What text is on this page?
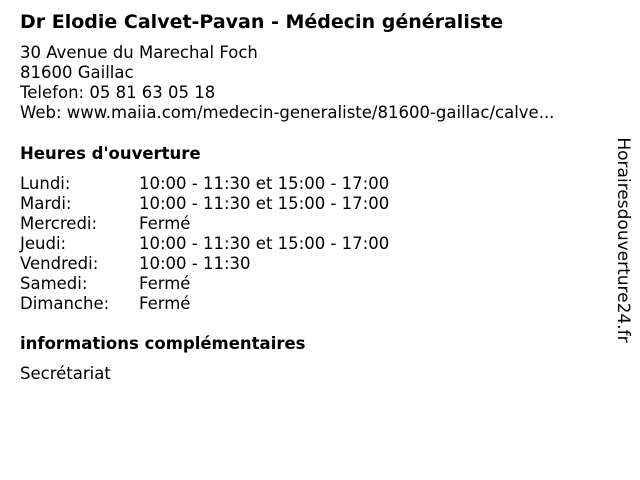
Dr Elodie Calvet-Pavan - Médecin généraliste
30 Avenue du Marechal Foch
81600 Gaillac
Telefon: 05 81 63 05 18
Web: www.maiia.com/medecin-generaliste/81600-gaillac/calve...
Heures d'ouverture
Lundi:	10:00 - 11:30 et 15:00 - 17:00
Mardi:	10:00 - 11:30 et 15:00 - 17:00
Mercredi:	Fermé
Jeudi:	10:00 - 11:30 et 15:00 - 17:00
Vendredi: 10:00 - 11:30
Samedi:	Fermé
Dimanche: Fermé
informations complémentaires
Secrétariat
Horairesdouverture24.fr
